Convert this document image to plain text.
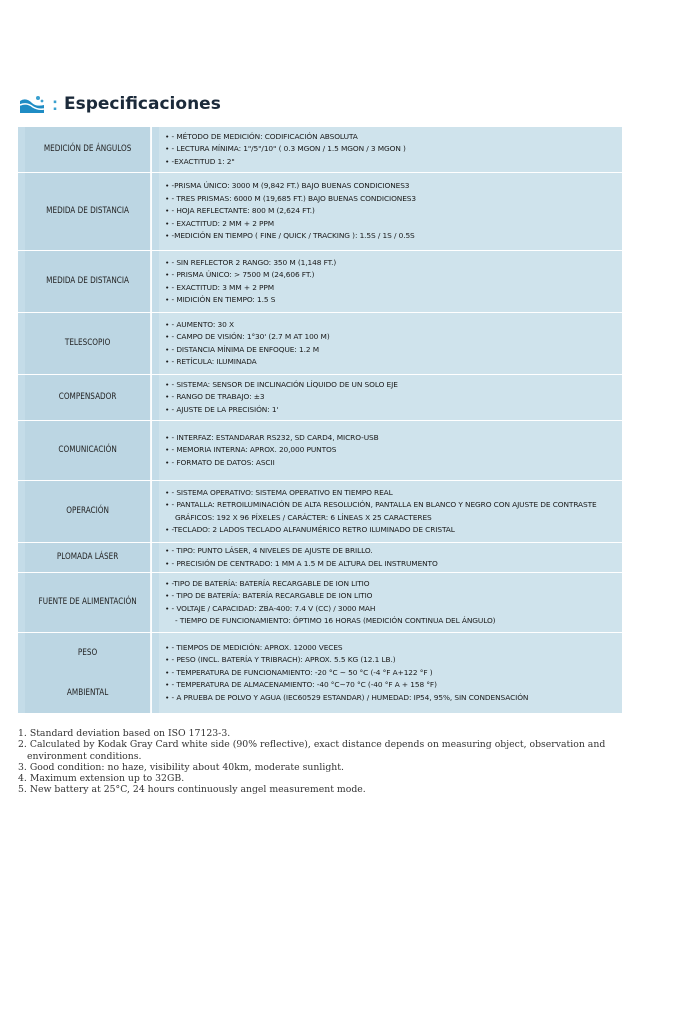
: Especificaciones
MEDICIÓN DE ÁNGULOS
• - MÉTODO DE MEDICIÓN: CODIFICACIÓN ABSOLUTA
• - LECTURA MÍNIMA: 1"/5"/10" ( 0.3 MGON / 1.5 MGON / 3 MGON )
• -EXACTITUD 1: 2"
MEDIDA DE DISTANCIA
• -PRISMA ÚNICO: 3000 M (9,842 FT.) BAJO BUENAS CONDICIONES3
• - TRES PRISMAS: 6000 M (19,685 FT.) BAJO BUENAS CONDICIONES3
• - HOJA REFLECTANTE: 800 M (2,624 FT.)
• - EXACTITUD: 2 MM + 2 PPM
• -MEDICIÓN EN TIEMPO ( FINE / QUICK / TRACKING ): 1.5S / 1S / 0.5S
MEDIDA DE DISTANCIA
• - SIN REFLECTOR 2 RANGO: 350 M (1,148 FT.)
• - PRISMA ÚNICO: > 7500 M (24,606 FT.)
• - EXACTITUD: 3 MM + 2 PPM
• - MIDICIÓN EN TIEMPO: 1.5 S
TELESCOPIO
• - AUMENTO: 30 X
• - CAMPO DE VISIÓN: 1°30' (2.7 M AT 100 M)
• - DISTANCIA MÍNIMA DE ENFOQUE: 1.2 M
• - RETÍCULA: ILUMINADA
COMPENSADOR
• - SISTEMA: SENSOR DE INCLINACIÓN LÍQUIDO DE UN SOLO EJE
• - RANGO DE TRABAJO: ±3
• - AJUSTE DE LA PRECISIÓN: 1'
COMUNICACIÓN
• - INTERFAZ: ESTANDARAR RS232, SD CARD4, MICRO-USB
• - MEMORIA INTERNA: APROX. 20,000 PUNTOS
• - FORMATO DE DATOS: ASCII
OPERACIÓN
• - SISTEMA OPERATIVO: SISTEMA OPERATIVO EN TIEMPO REAL
• - PANTALLA: RETROILUMINACIÓN DE ALTA RESOLUCIÓN, PANTALLA EN BLANCO Y NEGRO CON AJUSTE DE CONTRASTE
GRÁFICOS: 192 X 96 PÍXELES / CARÁCTER: 6 LÍNEAS X 25 CARACTERES
• -TECLADO: 2 LADOS TECLADO ALFANUMÉRICO RETRO ILUMINADO DE CRISTAL
PLOMADA LÁSER
• - TIPO: PUNTO LÁSER, 4 NIVELES DE AJUSTE DE BRILLO.
• - PRECISIÓN DE CENTRADO: 1 MM A 1.5 M DE ALTURA DEL INSTRUMENTO
FUENTE DE ALIMENTACIÓN
• -TIPO DE BATERÍA: BATERÍA RECARGABLE DE ION LITIO
• - TIPO DE BATERÍA: BATERÍA RECARGABLE DE ION LITIO
• - VOLTAJE / CAPACIDAD: ZBA-400: 7.4 V (CC) / 3000 MAH
- TIEMPO DE FUNCIONAMIENTO: ÓPTIMO 16 HORAS (MEDICIÓN CONTINUA DEL ÁNGULO)
PESO
AMBIENTAL
• - TIEMPOS DE MEDICIÓN: APROX. 12000 VECES
• - PESO (INCL. BATERÍA Y TRIBRACH): APROX. 5.5 KG (12.1 LB.)
• - TEMPERATURA DE FUNCIONAMIENTO: -20 °C ~ 50 °C (-4 °F A+122 °F )
• - TEMPERATURA DE ALMACENAMIENTO: -40 °C~70 °C (-40 °F A + 158 °F)
• - A PRUEBA DE POLVO Y AGUA (IEC60529 ESTANDAR) / HUMEDAD: IP54, 95%, SIN CONDENSACIÓN
1. Standard deviation based on ISO 17123-3.
2. Calculated by Kodak Gray Card white side (90% reflective), exact distance depends on measuring object, observation and
environment conditions.
3. Good condition: no haze, visibility about 40km, moderate sunlight.
4. Maximum extension up to 32GB.
5. New battery at 25°C, 24 hours continuously angel measurement mode.
